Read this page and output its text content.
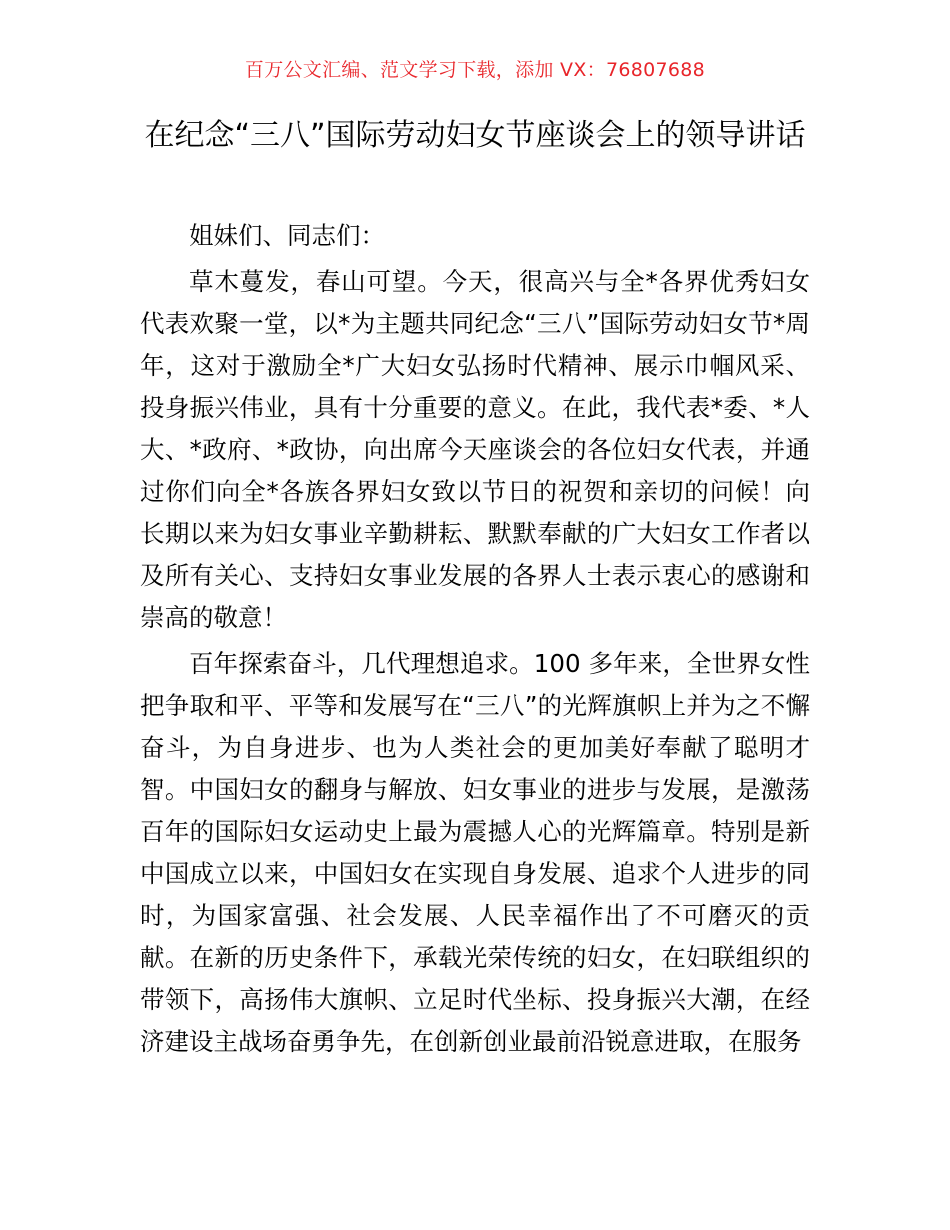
百万公文汇编、范文学习下载，添加 VX：76807688
在纪念“三八”国际劳动妇女节座谈会上的领导讲话

姐妹们、同志们：

草木蔓发，春山可望。今天，很高兴与全*各界优秀妇女代表欢聚一堂，以*为主题共同纪念“三八”国际劳动妇女节*周年，这对于激励全*广大妇女弘扬时代精神、展示巾帼风采、投身振兴伟业，具有十分重要的意义。在此，我代表*委、*人大、*政府、*政协，向出席今天座谈会的各位妇女代表，并通过你们向全*各族各界妇女致以节日的祝贺和亲切的问候！向长期以来为妇女事业辛勤耕耘、默默奉献的广大妇女工作者以及所有关心、支持妇女事业发展的各界人士表示衷心的感谢和崇高的敬意！

百年探索奋斗，几代理想追求。100 多年来，全世界女性把争取和平、平等和发展写在“三八”的光辉旗帜上并为之不懈奋斗，为自身进步、也为人类社会的更加美好奉献了聪明才智。中国妇女的翻身与解放、妇女事业的进步与发展，是激荡百年的国际妇女运动史上最为震撼人心的光辉篇章。特别是新中国成立以来，中国妇女在实现自身发展、追求个人进步的同时，为国家富强、社会发展、人民幸福作出了不可磨灭的贡献。在新的历史条件下，承载光荣传统的妇女，在妇联组织的带领下，高扬伟大旗帜、立足时代坐标、投身振兴大潮，在经济建设主战场奋勇争先，在创新创业最前沿锐意进取，在服务
